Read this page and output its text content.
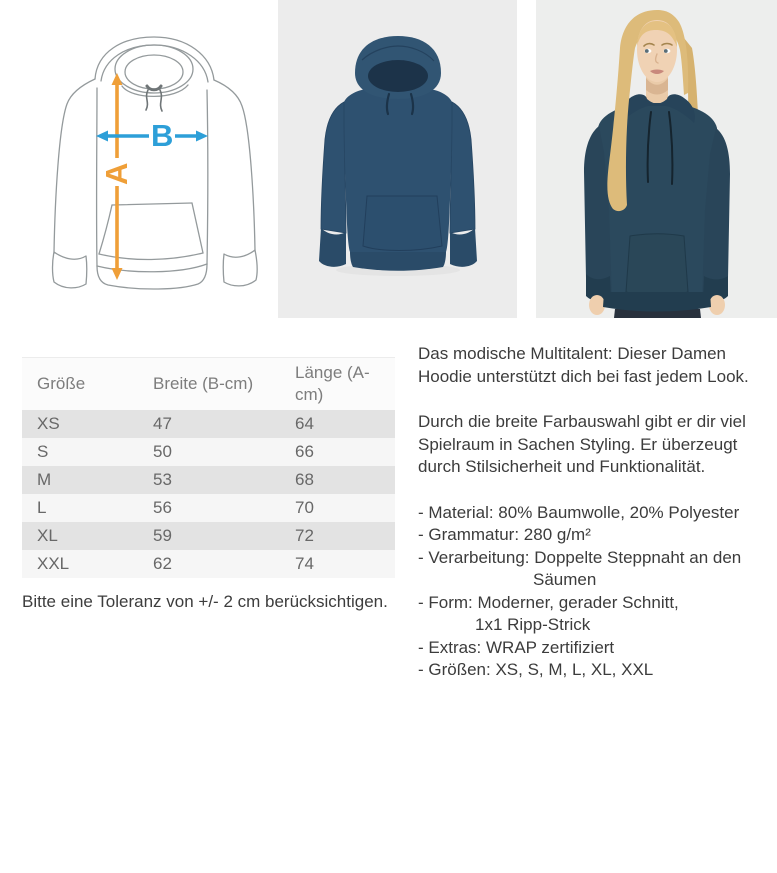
A
B
Größe	Breite (B-cm)	Länge (A-cm)
XS	47	64
S	50	66
M	53	68
L	56	70
XL	59	72
XXL	62	74

Bitte eine Toleranz von +/- 2 cm berücksichtigen.

Das modische Multitalent: Dieser Damen
Hoodie unterstützt dich bei fast jedem Look.
Durch die breite Farbauswahl gibt er dir viel
Spielraum in Sachen Styling. Er überzeugt
durch Stilsicherheit und Funktionalität.
- Material: 80% Baumwolle, 20% Polyester
- Grammatur: 280 g/m²
- Verarbeitung: Doppelte Steppnaht an den
Säumen
- Form: Moderner, gerader Schnitt,
1x1 Ripp-Strick
- Extras: WRAP zertifiziert
- Größen: XS, S, M, L, XL, XXL
